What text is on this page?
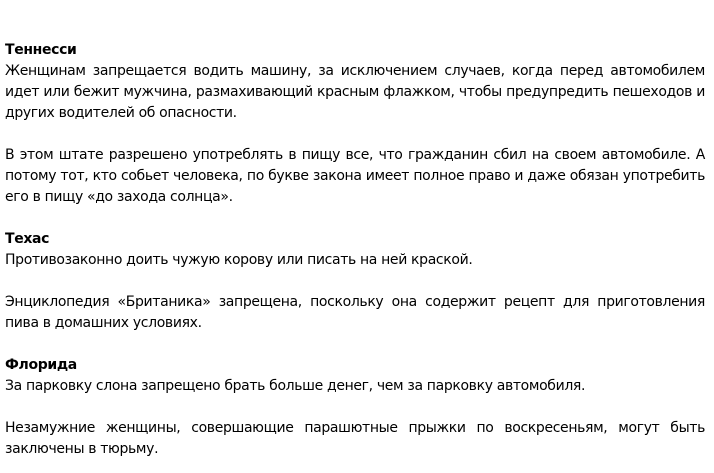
Теннесси

Женщинам запрещается водить машину, за исключением случаев, когда перед автомобилем идет или бежит мужчина, размахивающий красным флажком, чтобы предупредить пешеходов и других водителей об опасности.

В этом штате разрешено употреблять в пищу все, что гражданин сбил на своем автомобиле. А потому тот, кто собьет человека, по букве закона имеет полное право и даже обязан употребить его в пищу «до захода солнца».

Техас

Противозаконно доить чужую корову или писать на ней краской.

Энциклопедия «Британика» запрещена, поскольку она содержит рецепт для приготовления пива в домашних условиях.

Флорида

За парковку слона запрещено брать больше денег, чем за парковку автомобиля.

Незамужние женщины, совершающие парашютные прыжки по воскресеньям, могут быть заключены в тюрьму.
